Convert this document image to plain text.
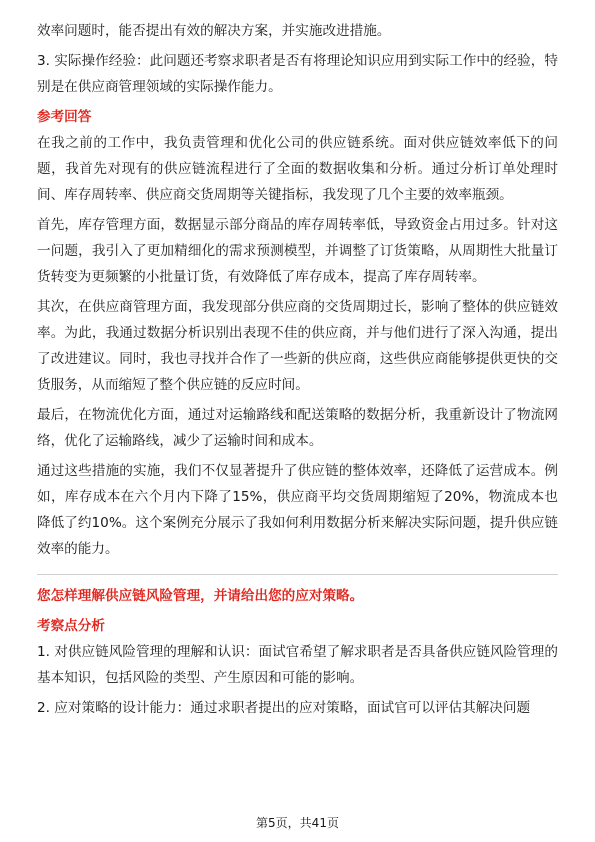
效率问题时，能否提出有效的解决方案，并实施改进措施。

3. 实际操作经验：此问题还考察求职者是否有将理论知识应用到实际工作中的经验，特别是在供应商管理领域的实际操作能力。

参考回答

在我之前的工作中，我负责管理和优化公司的供应链系统。面对供应链效率低下的问题，我首先对现有的供应链流程进行了全面的数据收集和分析。通过分析订单处理时间、库存周转率、供应商交货周期等关键指标，我发现了几个主要的效率瓶颈。

首先，库存管理方面，数据显示部分商品的库存周转率低，导致资金占用过多。针对这一问题，我引入了更加精细化的需求预测模型，并调整了订货策略，从周期性大批量订货转变为更频繁的小批量订货，有效降低了库存成本，提高了库存周转率。

其次，在供应商管理方面，我发现部分供应商的交货周期过长，影响了整体的供应链效率。为此，我通过数据分析识别出表现不佳的供应商，并与他们进行了深入沟通，提出了改进建议。同时，我也寻找并合作了一些新的供应商，这些供应商能够提供更快的交货服务，从而缩短了整个供应链的反应时间。

最后，在物流优化方面，通过对运输路线和配送策略的数据分析，我重新设计了物流网络，优化了运输路线，减少了运输时间和成本。

通过这些措施的实施，我们不仅显著提升了供应链的整体效率，还降低了运营成本。例如，库存成本在六个月内下降了15%，供应商平均交货周期缩短了20%，物流成本也降低了约10%。这个案例充分展示了我如何利用数据分析来解决实际问题，提升供应链效率的能力。

您怎样理解供应链风险管理，并请给出您的应对策略。
考察点分析

1. 对供应链风险管理的理解和认识：面试官希望了解求职者是否具备供应链风险管理的基本知识，包括风险的类型、产生原因和可能的影响。

2. 应对策略的设计能力：通过求职者提出的应对策略，面试官可以评估其解决问题

第5页，共41页
